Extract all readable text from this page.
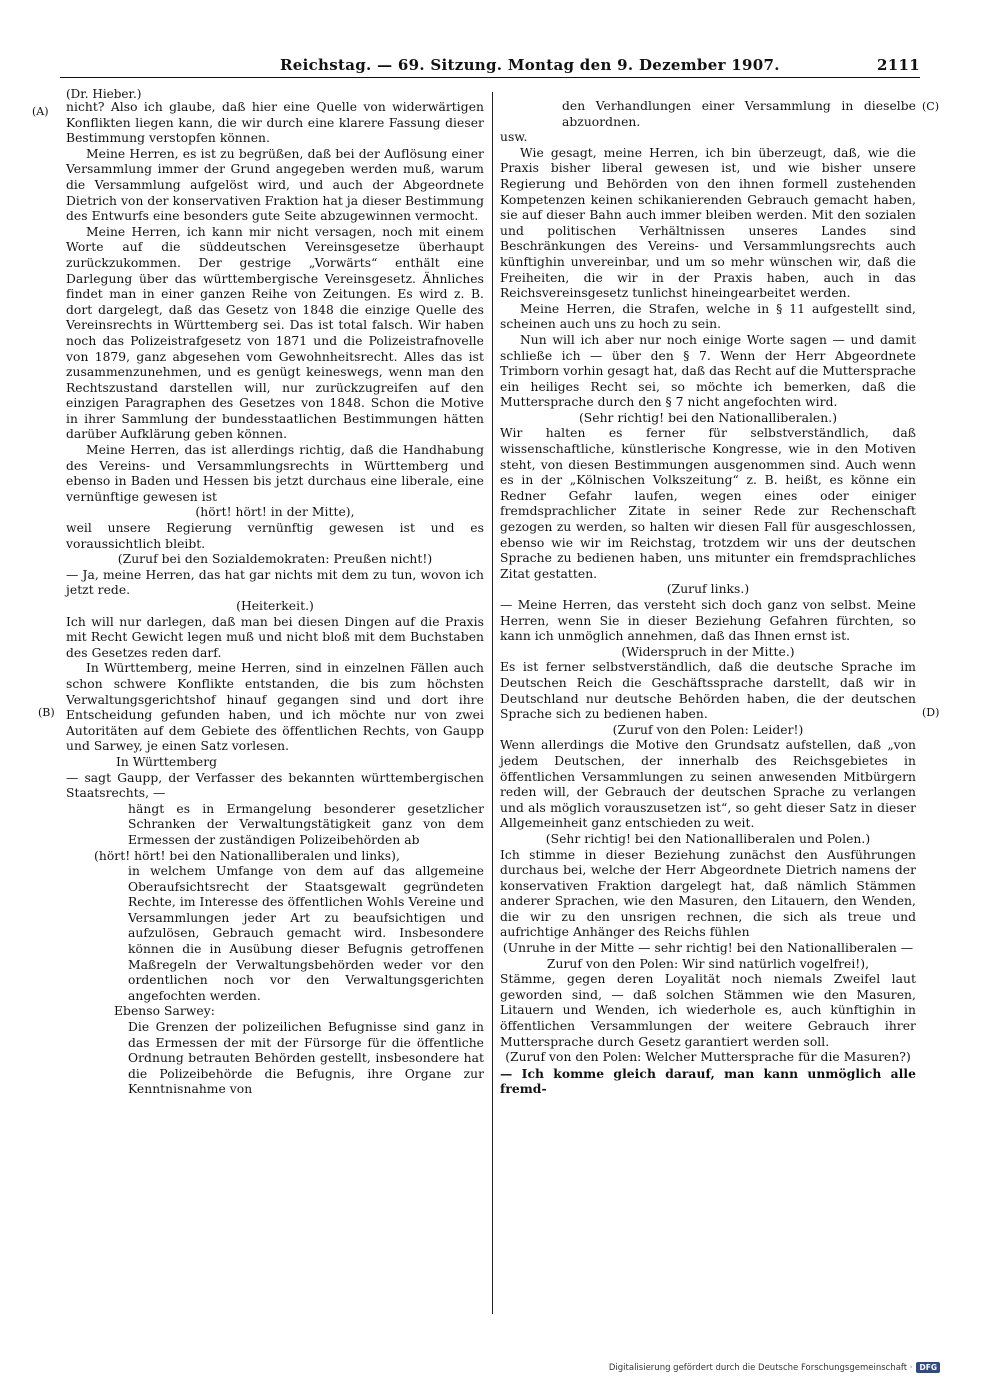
Reichstag. — 69. Sitzung. Montag den 9. Dezember 1907.	2111
(Dr. Hieber.)
(A)
(B)
(C)
(D)
nicht? Also ich glaube, daß hier eine Quelle von widerwärtigen Konflikten liegen kann, die wir durch eine klarere Fassung dieser Bestimmung verstopfen können.
Meine Herren, es ist zu begrüßen, daß bei der Auflösung einer Versammlung immer der Grund angegeben werden muß, warum die Versammlung aufgelöst wird, und auch der Abgeordnete Dietrich von der konservativen Fraktion hat ja dieser Bestimmung des Entwurfs eine besonders gute Seite abzugewinnen vermocht.
Meine Herren, ich kann mir nicht versagen, noch mit einem Worte auf die süddeutschen Vereinsgesetze überhaupt zurückzukommen. Der gestrige „Vorwärts“ enthält eine Darlegung über das württembergische Vereinsgesetz. Ähnliches findet man in einer ganzen Reihe von Zeitungen. Es wird z. B. dort dargelegt, daß das Gesetz von 1848 die einzige Quelle des Vereinsrechts in Württemberg sei. Das ist total falsch. Wir haben noch das Polizeistrafgesetz von 1871 und die Polizeistrafnovelle von 1879, ganz abgesehen vom Gewohnheitsrecht. Alles das ist zusammenzunehmen, und es genügt keineswegs, wenn man den Rechtszustand darstellen will, nur zurückzugreifen auf den einzigen Paragraphen des Gesetzes von 1848. Schon die Motive in ihrer Sammlung der bundesstaatlichen Bestimmungen hätten darüber Aufklärung geben können.
Meine Herren, das ist allerdings richtig, daß die Handhabung des Vereins- und Versammlungsrechts in Württemberg und ebenso in Baden und Hessen bis jetzt durchaus eine liberale, eine vernünftige gewesen ist
(hört! hört! in der Mitte),
weil unsere Regierung vernünftig gewesen ist und es voraussichtlich bleibt.
(Zuruf bei den Sozialdemokraten: Preußen nicht!)
— Ja, meine Herren, das hat gar nichts mit dem zu tun, wovon ich jetzt rede.
(Heiterkeit.)
Ich will nur darlegen, daß man bei diesen Dingen auf die Praxis mit Recht Gewicht legen muß und nicht bloß mit dem Buchstaben des Gesetzes reden darf.
In Württemberg, meine Herren, sind in einzelnen Fällen auch schon schwere Konflikte entstanden, die bis zum höchsten Verwaltungsgerichtshof hinauf gegangen sind und dort ihre Entscheidung gefunden haben, und ich möchte nur von zwei Autoritäten auf dem Gebiete des öffentlichen Rechts, von Gaupp und Sarwey, je einen Satz vorlesen.
In Württemberg
— sagt Gaupp, der Verfasser des bekannten württembergischen Staatsrechts, —
hängt es in Ermangelung besonderer gesetzlicher Schranken der Verwaltungstätigkeit ganz von dem Ermessen der zuständigen Polizeibehörden ab
(hört! hört! bei den Nationalliberalen und links),
in welchem Umfange von dem auf das allgemeine Oberaufsichtsrecht der Staatsgewalt gegründeten Rechte, im Interesse des öffentlichen Wohls Vereine und Versammlungen jeder Art zu beaufsichtigen und aufzulösen, Gebrauch gemacht wird. Insbesondere können die in Ausübung dieser Befugnis getroffenen Maßregeln der Verwaltungsbehörden weder vor den ordentlichen noch vor den Verwaltungsgerichten angefochten werden.
Ebenso Sarwey:
Die Grenzen der polizeilichen Befugnisse sind ganz in das Ermessen der mit der Fürsorge für die öffentliche Ordnung betrauten Behörden gestellt, insbesondere hat die Polizeibehörde die Befugnis, ihre Organe zur Kenntnisnahme von
den Verhandlungen einer Versammlung in dieselbe abzuordnen.
usw.
Wie gesagt, meine Herren, ich bin überzeugt, daß, wie die Praxis bisher liberal gewesen ist, und wie bisher unsere Regierung und Behörden von den ihnen formell zustehenden Kompetenzen keinen schikanierenden Gebrauch gemacht haben, sie auf dieser Bahn auch immer bleiben werden. Mit den sozialen und politischen Verhältnissen unseres Landes sind Beschränkungen des Vereins- und Versammlungsrechts auch künftighin unvereinbar, und um so mehr wünschen wir, daß die Freiheiten, die wir in der Praxis haben, auch in das Reichsvereinsgesetz tunlichst hineingearbeitet werden.
Meine Herren, die Strafen, welche in § 11 aufgestellt sind, scheinen auch uns zu hoch zu sein.
Nun will ich aber nur noch einige Worte sagen — und damit schließe ich — über den § 7. Wenn der Herr Abgeordnete Trimborn vorhin gesagt hat, daß das Recht auf die Muttersprache ein heiliges Recht sei, so möchte ich bemerken, daß die Muttersprache durch den § 7 nicht angefochten wird.
(Sehr richtig! bei den Nationalliberalen.)
Wir halten es ferner für selbstverständlich, daß wissenschaftliche, künstlerische Kongresse, wie in den Motiven steht, von diesen Bestimmungen ausgenommen sind. Auch wenn es in der „Kölnischen Volkszeitung“ z. B. heißt, es könne ein Redner Gefahr laufen, wegen eines oder einiger fremdsprachlicher Zitate in seiner Rede zur Rechenschaft gezogen zu werden, so halten wir diesen Fall für ausgeschlossen, ebenso wie wir im Reichstag, trotzdem wir uns der deutschen Sprache zu bedienen haben, uns mitunter ein fremdsprachliches Zitat gestatten.
(Zuruf links.)
— Meine Herren, das versteht sich doch ganz von selbst. Meine Herren, wenn Sie in dieser Beziehung Gefahren fürchten, so kann ich unmöglich annehmen, daß das Ihnen ernst ist.
(Widerspruch in der Mitte.)
Es ist ferner selbstverständlich, daß die deutsche Sprache im Deutschen Reich die Geschäftssprache darstellt, daß wir in Deutschland nur deutsche Behörden haben, die der deutschen Sprache sich zu bedienen haben.
(Zuruf von den Polen: Leider!)
Wenn allerdings die Motive den Grundsatz aufstellen, daß „von jedem Deutschen, der innerhalb des Reichsgebietes in öffentlichen Versammlungen zu seinen anwesenden Mitbürgern reden will, der Gebrauch der deutschen Sprache zu verlangen und als möglich vorauszusetzen ist“, so geht dieser Satz in dieser Allgemeinheit ganz entschieden zu weit.
(Sehr richtig! bei den Nationalliberalen und Polen.)
Ich stimme in dieser Beziehung zunächst den Ausführungen durchaus bei, welche der Herr Abgeordnete Dietrich namens der konservativen Fraktion dargelegt hat, daß nämlich Stämmen anderer Sprachen, wie den Masuren, den Litauern, den Wenden, die wir zu den unsrigen rechnen, die sich als treue und aufrichtige Anhänger des Reichs fühlen
(Unruhe in der Mitte — sehr richtig! bei den Nationalliberalen — Zuruf von den Polen: Wir sind natürlich vogelfrei!),
Stämme, gegen deren Loyalität noch niemals Zweifel laut geworden sind, — daß solchen Stämmen wie den Masuren, Litauern und Wenden, ich wiederhole es, auch künftighin in öffentlichen Versammlungen der weitere Gebrauch ihrer Muttersprache durch Gesetz garantiert werden soll.
(Zuruf von den Polen: Welcher Muttersprache für die Masuren?)
— Ich komme gleich darauf, man kann unmöglich alle fremd-
Digitalisierung gefördert durch die Deutsche Forschungsgemeinschaft · DFG
